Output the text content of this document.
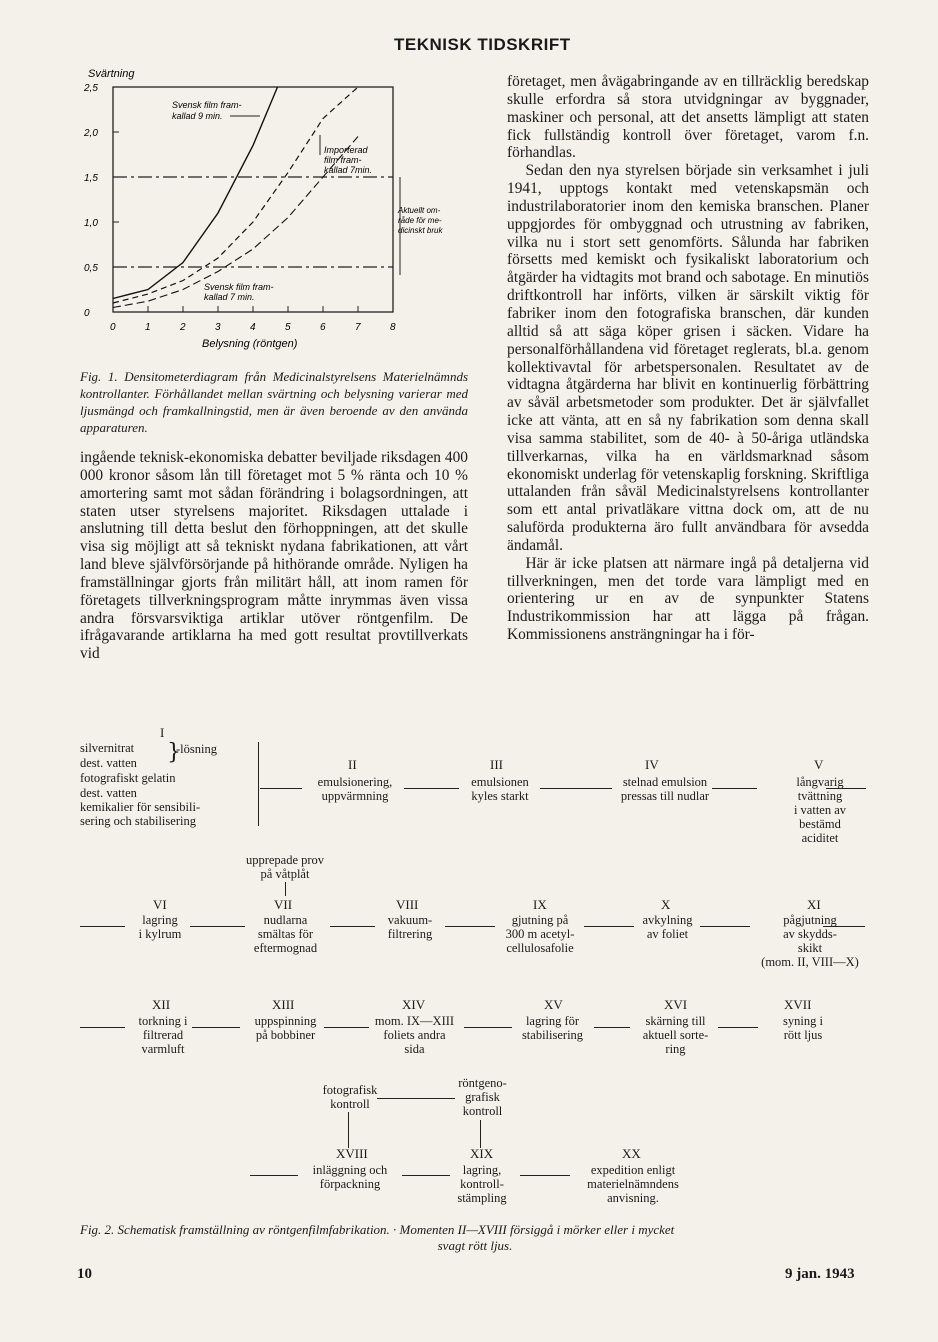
TEKNISK TIDSKRIFT
0	1	2	3	4	5	6	7	8
0
0,5
1,0
1,5
2,0
2,5
Svärtning
Belysning (röntgen)
Svensk film fram-
kallad 9 min.
Importerad
film fram-
kallad 7min.
Svensk film fram-
kallad 7 min.
Aktuellt om-
råde för me-
dicinskt bruk
Fig. 1. Densitometerdiagram från Medicinalstyrelsens Materielnämnds kontrollanter. Förhållandet mellan svärtning och belysning varierar med ljusmängd och framkallningstid, men är även beroende av den använda apparaturen.

ingående teknisk-ekonomiska debatter beviljade riksdagen 400 000 kronor såsom lån till företaget mot 5 % ränta och 10 % amortering samt mot sådan förändring i bolagsordningen, att staten utser styrelsens majoritet. Riksdagen uttalade i anslutning till detta beslut den förhoppningen, att det skulle visa sig möjligt att så tekniskt nydana fabrikationen, att vårt land bleve självförsörjande på hithörande område. Nyligen ha framställningar gjorts från militärt håll, att inom ramen för företagets tillverkningsprogram måtte inrymmas även vissa andra försvarsviktiga artiklar utöver röntgenfilm. De ifrågavarande artiklarna ha med gott resultat provtillverkats vid

företaget, men åvägabringande av en tillräcklig beredskap skulle erfordra så stora utvidgningar av byggnader, maskiner och personal, att det ansetts lämpligt att staten fick fullständig kontroll över företaget, varom f.n. förhandlas.

Sedan den nya styrelsen började sin verksamhet i juli 1941, upptogs kontakt med vetenskapsmän och industrilaboratorier inom den kemiska branschen. Planer uppgjordes för ombyggnad och utrustning av fabriken, vilka nu i stort sett genomförts. Sålunda har fabriken försetts med kemiskt och fysikaliskt laboratorium och åtgärder ha vidtagits mot brand och sabotage. En minutiös driftkontroll har införts, vilken är särskilt viktig för fabriker inom den fotografiska branschen, där kunden alltid så att säga köper grisen i säcken. Vidare ha personalförhållandena vid företaget reglerats, bl.a. genom kollektivavtal för arbetspersonalen. Resultatet av de vidtagna åtgärderna har blivit en kontinuerlig förbättring av såväl arbetsmetoder som produkter. Det är självfallet icke att vänta, att en så ny fabrikation som denna skall visa samma stabilitet, som de 40- à 50-åriga utländska tillverkarnas, vilka ha en världsmarknad såsom ekonomiskt underlag för vetenskaplig forskning. Skriftliga uttalanden från såväl Medicinalstyrelsens kontrollanter som ett antal privatläkare vittna dock om, att de nu saluförda produkterna äro fullt användbara för avsedda ändamål.

Här är icke platsen att närmare ingå på detaljerna vid tillverkningen, men det torde vara lämpligt med en orientering ur en av de synpunkter Statens Industrikommission har att lägga på frågan. Kommissionens ansträngningar ha i för-

I
silvernitrat
dest. vatten
-lösning
}
fotografiskt gelatin
dest. vatten
kemikalier för sensibili-
sering och stabilisering
II
emulsionering,
uppvärmning
III
emulsionen
kyles starkt
IV
stelnad emulsion
pressas till nudlar
V
långvarig
tvättning
i vatten av
bestämd
aciditet
upprepade prov
på våtplåt
VI
lagring
i kylrum
VII
nudlarna
smältas för
eftermognad
VIII
vakuum-
filtrering
IX
gjutning på
300 m acetyl-
cellulosafolie
X
avkylning
av foliet
XI
pågjutning
av skydds-
skikt
(mom. II, VIII—X)
XII
torkning i
filtrerad
varmluft
XIII
uppspinning
på bobbiner
XIV
mom. IX—XIII
foliets andra
sida
XV
lagring för
stabilisering
XVI
skärning till
aktuell sorte-
ring
XVII
syning i
rött ljus
fotografisk
kontroll
röntgeno-
grafisk
kontroll
XVIII
inläggning och
förpackning
XIX
lagring,
kontroll-
stämpling
XX
expedition enligt
materielnämndens
anvisning.
Fig. 2. Schematisk framställning av röntgenfilmfabrikation. · Momenten II—XVIII försiggå i mörker eller i mycket
svagt rött ljus.
10	9 jan. 1943
